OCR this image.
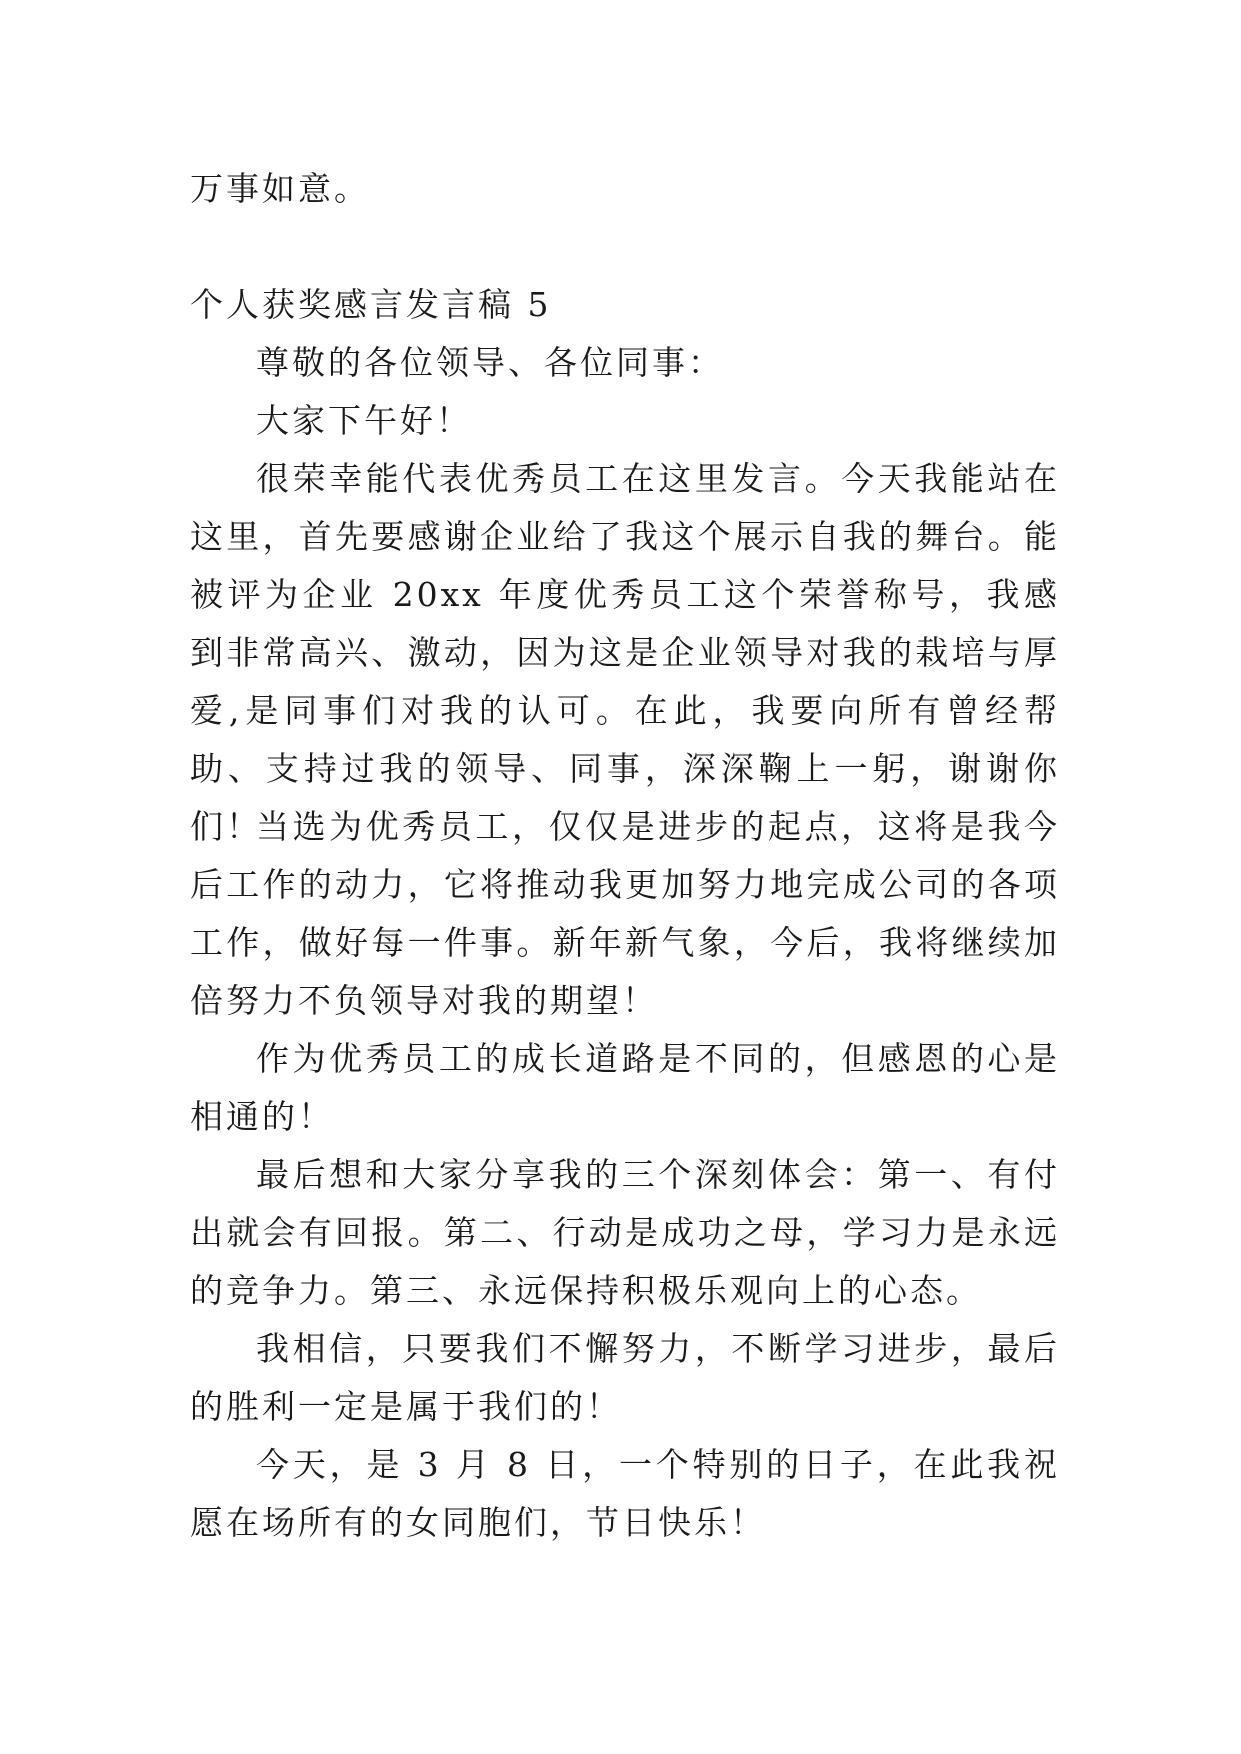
万事如意。

个人获奖感言发言稿 5

尊敬的各位领导、各位同事：

大家下午好！

很荣幸能代表优秀员工在这里发言。今天我能站在这里，首先要感谢企业给了我这个展示自我的舞台。能被评为企业 20xx 年度优秀员工这个荣誉称号，我感到非常高兴、激动，因为这是企业领导对我的栽培与厚爱,是同事们对我的认可。在此，我要向所有曾经帮助、支持过我的领导、同事，深深鞠上一躬，谢谢你们！

当选为优秀员工，仅仅是进步的起点，这将是我今后工作的动力，它将推动我更加努力地完成公司的各项工作，做好每一件事。新年新气象，今后，我将继续加倍努力不负领导对我的期望！

作为优秀员工的成长道路是不同的，但感恩的心是相通的！

最后想和大家分享我的三个深刻体会：第一、有付出就会有回报。第二、行动是成功之母，学习力是永远的竞争力。第三、永远保持积极乐观向上的心态。

我相信，只要我们不懈努力，不断学习进步，最后的胜利一定是属于我们的！

今天，是 3 月 8 日，一个特别的日子，在此我祝愿在场所有的女同胞们，节日快乐！
